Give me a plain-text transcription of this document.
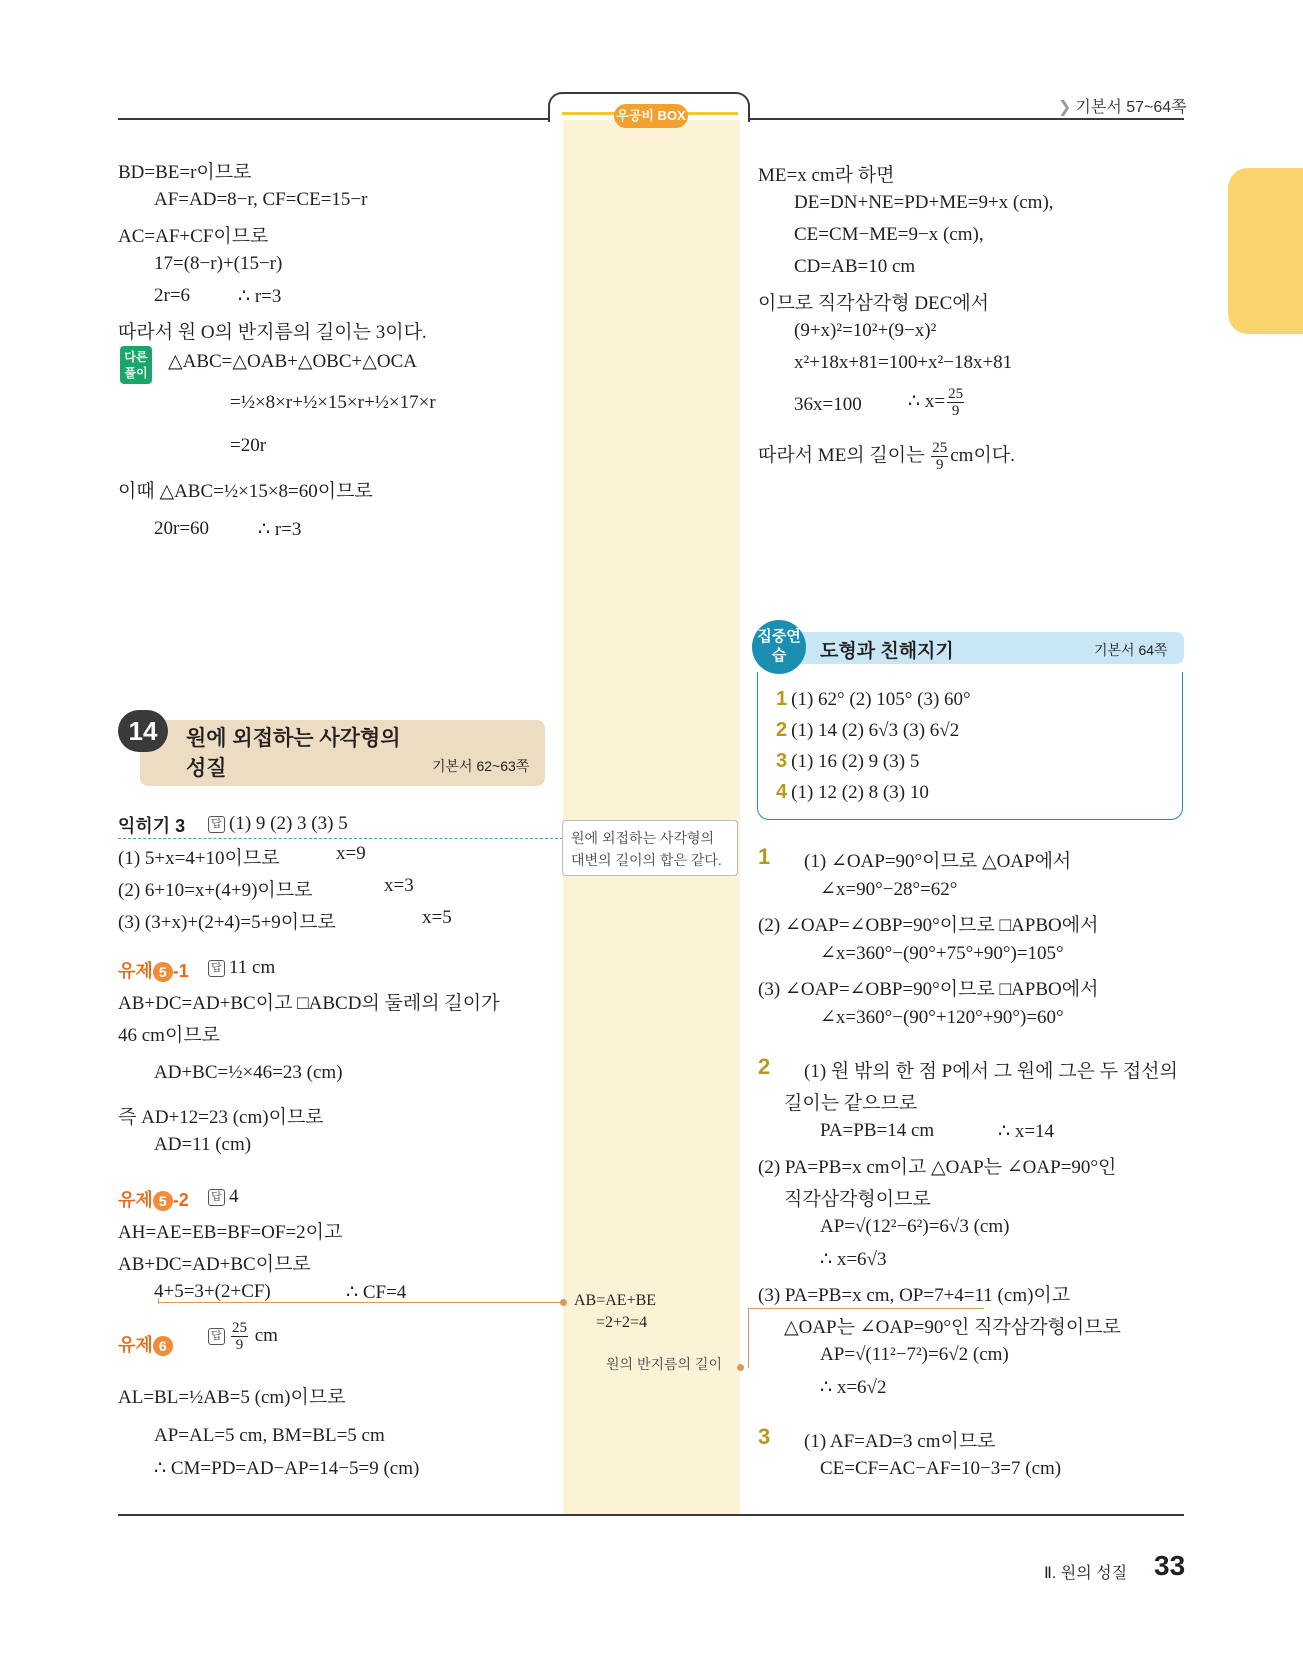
우공비 BOX	❯ 기본서 57~64쪽
STEP UP
BD=BE=r이므로
AF=AD=8−r, CF=CE=15−r
AC=AF+CF이므로
17=(8−r)+(15−r)
2r=6	∴ r=3
따라서 원 O의 반지름의 길이는 3이다.
다른풀이
△ABC=△OAB+△OBC+△OCA
=½×8×r+½×15×r+½×17×r
=20r
이때 △ABC=½×15×8=60이므로
20r=60	∴ r=3
14	원에 외접하는 사각형의
성질	기본서 62~63쪽
익히기 3 답 (1) 9 (2) 3 (3) 5
(1) 5+x=4+10이므로	x=9
(2) 6+10=x+(4+9)이므로	x=3
(3) (3+x)+(2+4)=5+9이므로	x=5
원에 외접하는 사각형의 대변의 길이의 합은 같다.
유제 5 -1 답 11 cm
AB+DC=AD+BC이고 □ABCD의 둘레의 길이가
46 cm이므로
AD+BC=½×46=23 (cm)
즉 AD+12=23 (cm)이므로
AD=11 (cm)
유제 5 -2 답 4
AH=AE=EB=BF=OF=2이고
AB+DC=AD+BC이므로
4+5=3+(2+CF)	∴ CF=4	AB=AE+BE
=2+2=4
원의 반지름의 길이
유제 6
답 $\frac{25}{9}$ cm
AL=BL=½AB=5 (cm)이므로
AP=AL=5 cm, BM=BL=5 cm
∴ CM=PD=AD−AP=14−5=9 (cm)
ME=x cm라 하면
DE=DN+NE=PD+ME=9+x (cm),
CE=CM−ME=9−x (cm),
CD=AB=10 cm
이므로 직각삼각형 DEC에서
(9+x)²=10²+(9−x)²
x²+18x+81=100+x²−18x+81
36x=100 ∴ $x= \frac{25}{9}$
따라서 ME의 길이는 $\frac{25}{9}$ cm이다.
집중연습	도형과 친해지기	기본서 64쪽
1 (1) 62° (2) 105° (3) 60°
2 (1) 14 (2) 6√3 (3) 6√2
3 (1) 16 (2) 9 (3) 5
4 (1) 12 (2) 8 (3) 10
1 (1) ∠OAP=90°이므로 △OAP에서
∠x=90°−28°=62°
(2) ∠OAP=∠OBP=90°이므로 □APBO에서
∠x=360°−(90°+75°+90°)=105°
(3) ∠OAP=∠OBP=90°이므로 □APBO에서
∠x=360°−(90°+120°+90°)=60°
2 (1) 원 밖의 한 점 P에서 그 원에 그은 두 접선의
길이는 같으므로
PA=PB=14 cm	∴ x=14
(2) PA=PB=x cm이고 △OAP는 ∠OAP=90°인
직각삼각형이므로
AP=√(12²−6²)=6√3 (cm)
∴ x=6√3
(3) PA=PB=x cm, OP=7+4=11 (cm)이고
△OAP는 ∠OAP=90°인 직각삼각형이므로
AP=√(11²−7²)=6√2 (cm)
∴ x=6√2
3 (1) AF=AD=3 cm이므로
CE=CF=AC−AF=10−3=7 (cm)
Ⅱ. 원의 성질 33
